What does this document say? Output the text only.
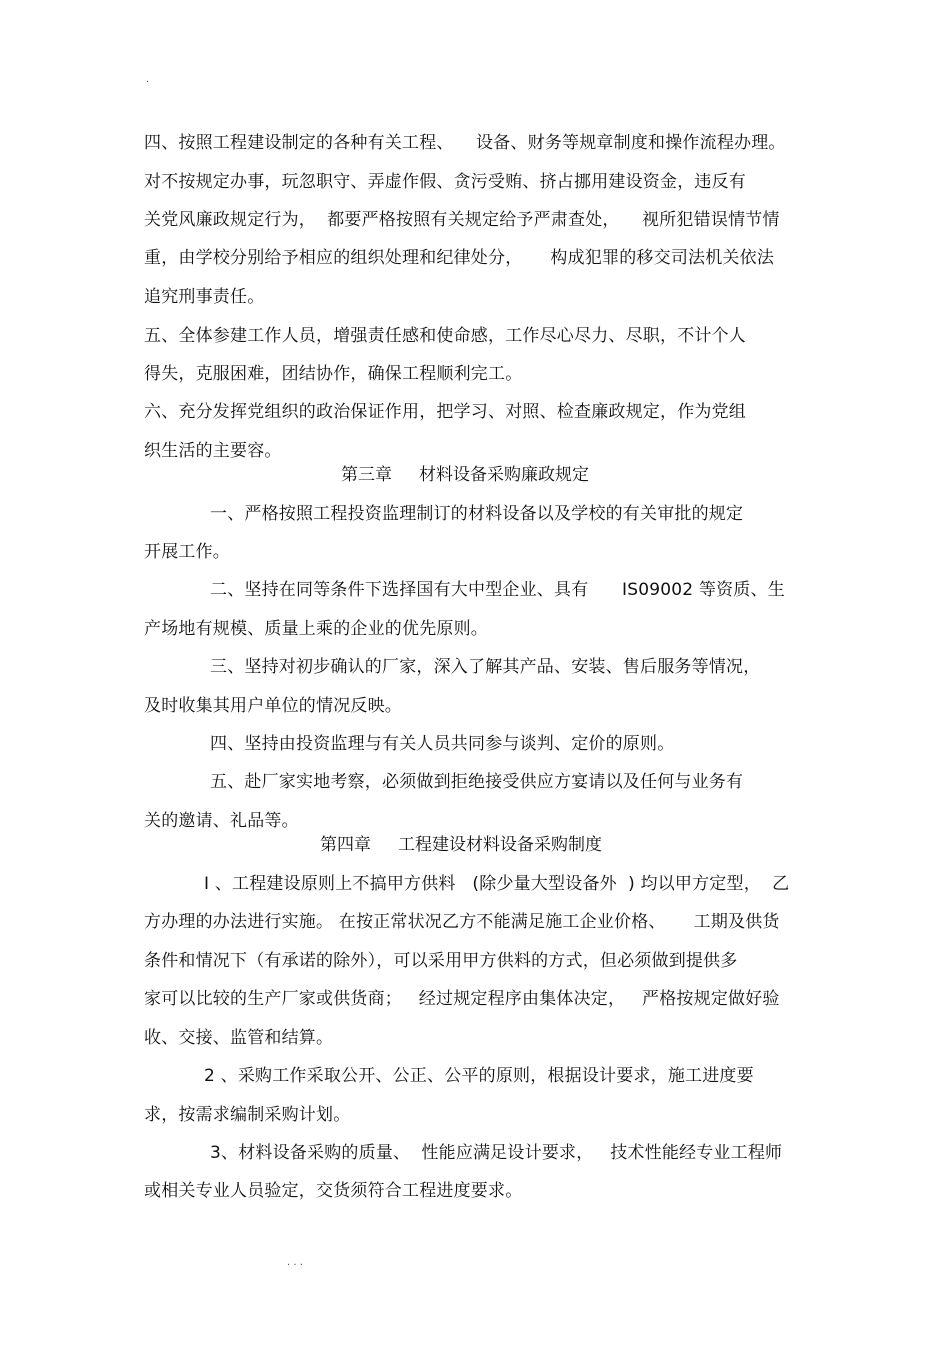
.
四、按照工程建设制定的各种有关工程、    设备、财务等规章制度和操作流程办理。
对不按规定办事，玩忽职守、弄虚作假、贪污受贿、挤占挪用建设资金，违反有
关党风廉政规定行为，  都要严格按照有关规定给予严肃查处，    视所犯错误情节情
重，由学校分别给予相应的组织处理和纪律处分，     构成犯罪的移交司法机关依法
追究刑事责任。
五、全体参建工作人员，增强责任感和使命感，工作尽心尽力、尽职，不计个人
得失，克服困难，团结协作，确保工程顺利完工。
六、充分发挥党组织的政治保证作用，把学习、对照、检查廉政规定，作为党组
织生活的主要容。
第三章     材料设备采购廉政规定
一、严格按照工程投资监理制订的材料设备以及学校的有关审批的规定
开展工作。
二、坚持在同等条件下选择国有大中型企业、具有      IS09002 等资质、生
产场地有规模、质量上乘的企业的优先原则。
三、坚持对初步确认的厂家，深入了解其产品、安装、售后服务等情况，
及时收集其用户单位的情况反映。
四、坚持由投资监理与有关人员共同参与谈判、定价的原则。
五、赴厂家实地考察，必须做到拒绝接受供应方宴请以及任何与业务有
关的邀请、礼品等。
第四章     工程建设材料设备采购制度
I 、工程建设原则上不搞甲方供料   (除少量大型设备外  ) 均以甲方定型，  乙
方办理的办法进行实施。 在按正常状况乙方不能满足施工企业价格、     工期及供货
条件和情况下（有承诺的除外），可以采用甲方供料的方式，但必须做到提供多
家可以比较的生产厂家或供货商；   经过规定程序由集体决定，   严格按规定做好验
收、交接、监管和结算。
2 、采购工作采取公开、公正、公平的原则，根据设计要求，施工进度要
求，按需求编制采购计划。
3、材料设备采购的质量、  性能应满足设计要求，   技术性能经专业工程师
或相关专业人员验定，交货须符合工程进度要求。
. . .
